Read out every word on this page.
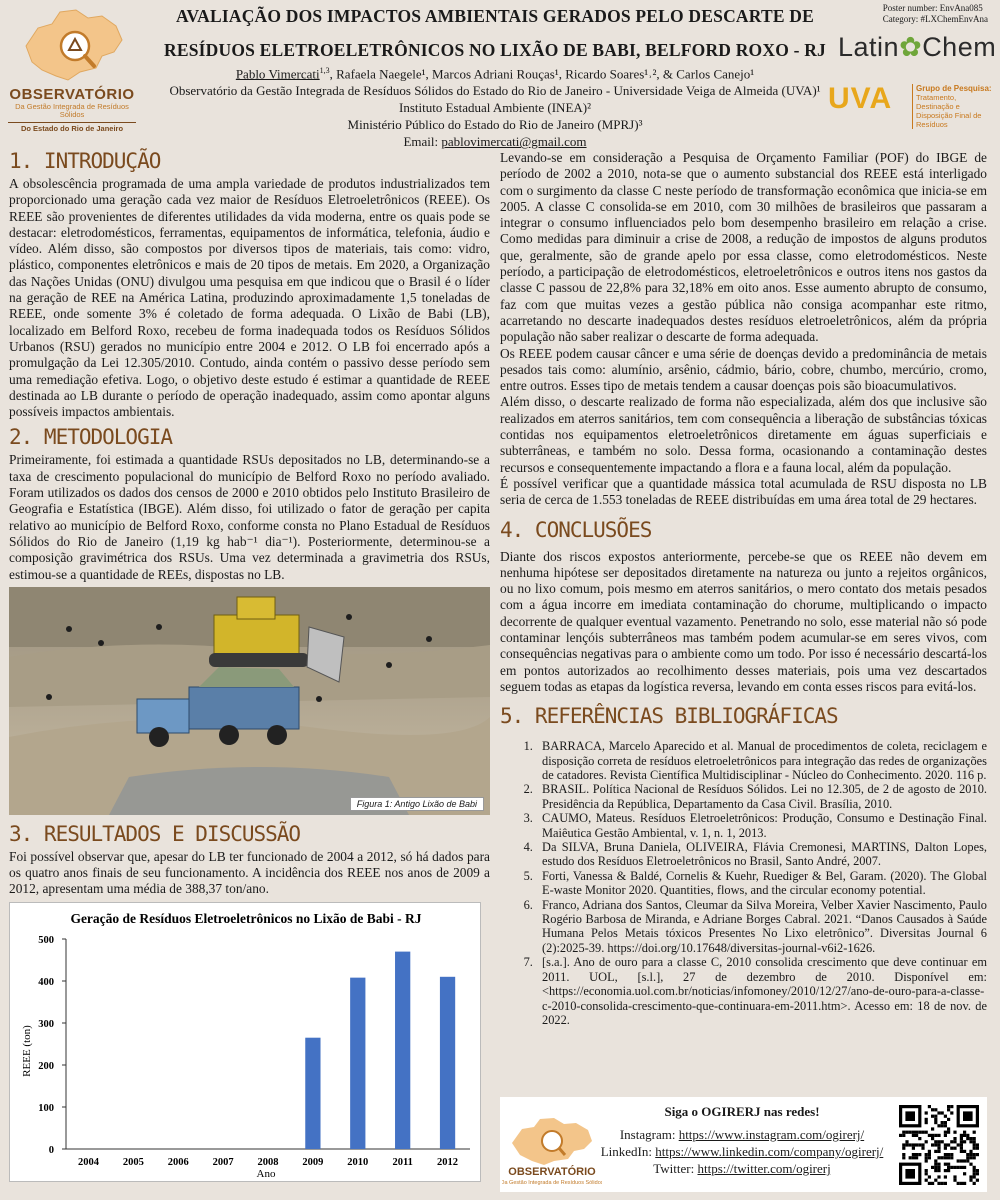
OBSERVATÓRIO
Da Gestão Integrada de Resíduos Sólidos
Do Estado do Rio de Janeiro
AVALIAÇÃO DOS IMPACTOS AMBIENTAIS GERADOS PELO DESCARTE DE
RESÍDUOS ELETROELETRÔNICOS NO LIXÃO DE BABI, BELFORD ROXO - RJ
Pablo Vimercati$^{1,3}$, Rafaela Naegele¹, Marcos Adriani Rouças¹, Ricardo Soares¹˒², & Carlos Canejo¹
Observatório da Gestão Integrada de Resíduos Sólidos do Estado do Rio de Janeiro - Universidade Veiga de Almeida (UVA)¹
Instituto Estadual Ambiente (INEA)²
Ministério Público do Estado do Rio de Janeiro (MPRJ)³
Email: pablovimercati@gmail.com
Poster number: EnvAna085
Category: #LXChemEnvAna
Latin✿Chem
UVA	Grupo de Pesquisa:
Tratamento, Destinação e Disposição Final de Resíduos
1. INTRODUÇÃO

A obsolescência programada de uma ampla variedade de produtos industrializados tem proporcionado uma geração cada vez maior de Resíduos Eletroeletrônicos (REEE). Os REEE são provenientes de diferentes utilidades da vida moderna, entre os quais pode se destacar: eletrodomésticos, ferramentas, equipamentos de informática, telefonia, áudio e vídeo. Além disso, são compostos por diversos tipos de materiais, tais como: vidro, plástico, componentes eletrônicos e mais de 20 tipos de metais. Em 2020, a Organização das Nações Unidas (ONU) divulgou uma pesquisa em que indicou que o Brasil é o líder na geração de REE na América Latina, produzindo aproximadamente 1,5 toneladas de REEE, onde somente 3% é coletado de forma adequada. O Lixão de Babi (LB), localizado em Belford Roxo, recebeu de forma inadequada todos os Resíduos Sólidos Urbanos (RSU) gerados no município entre 2004 e 2012. O LB foi encerrado após a promulgação da Lei 12.305/2010. Contudo, ainda contém o passivo desse período sem uma remediação efetiva. Logo, o objetivo deste estudo é estimar a quantidade de REEE destinada ao LB durante o período de operação inadequado, assim como apontar alguns possíveis impactos ambientais.

2. METODOLOGIA

Primeiramente, foi estimada a quantidade RSUs depositados no LB, determinando-se a taxa de crescimento populacional do município de Belford Roxo no período avaliado. Foram utilizados os dados dos censos de 2000 e 2010 obtidos pelo Instituto Brasileiro de Geografia e Estatística (IBGE). Além disso, foi utilizado o fator de geração per capita relativo ao município de Belford Roxo, conforme consta no Plano Estadual de Resíduos Sólidos do Rio de Janeiro (1,19 kg hab⁻¹ dia⁻¹). Posteriormente, determinou-se a composição gravimétrica dos RSUs. Uma vez determinada a gravimetria dos RSUs, estimou-se a quantidade de REEs, dispostas no LB.

Figura 1: Antigo Lixão de Babi
3. RESULTADOS E DISCUSSÃO

Foi possível observar que, apesar do LB ter funcionado de 2004 a 2012, só há dados para os quatro anos finais de seu funcionamento. A incidência dos REEE nos anos de 2009 a 2012, apresentam uma média de 388,37 ton/ano.

Geração de Resíduos Eletroeletrônicos no Lixão de Babi - RJ
REEE (ton)
Ano
0
100
200
300
400
500
2004 2005 2006 2007 2008 2009 2010 2011 2012

Levando-se em consideração a Pesquisa de Orçamento Familiar (POF) do IBGE de período de 2002 a 2010, nota-se que o aumento substancial dos REEE está interligado com o surgimento da classe C neste período de transformação econômica que inicia-se em 2005. A classe C consolida-se em 2010, com 30 milhões de brasileiros que passaram a integrar o consumo influenciados pelo bom desempenho brasileiro em relação a crise. Como medidas para diminuir a crise de 2008, a redução de impostos de alguns produtos que, geralmente, são de grande apelo por essa classe, como eletrodomésticos. Neste período, a participação de eletrodomésticos, eletroeletrônicos e outros itens nos gastos da classe C passou de 22,8% para 32,18% em oito anos. Esse aumento abrupto de consumo, faz com que muitas vezes a gestão pública não consiga acompanhar este ritmo, acarretando no descarte inadequados destes resíduos eletroeletrônicos, além da própria população não saber realizar o descarte de forma adequada.

Os REEE podem causar câncer e uma série de doenças devido a predominância de metais pesados tais como: alumínio, arsênio, cádmio, bário, cobre, chumbo, mercúrio, cromo, entre outros. Esses tipo de metais tendem a causar doenças pois são bioacumulativos.

Além disso, o descarte realizado de forma não especializada, além dos que inclusive são realizados em aterros sanitários, tem com consequência a liberação de substâncias tóxicas contidas nos equipamentos eletroeletrônicos diretamente em águas superficiais e subterrâneas, e também no solo. Dessa forma, ocasionando a contaminação destes recursos e consequentemente impactando a flora e a fauna local, além da população.

É possível verificar que a quantidade mássica total acumulada de RSU disposta no LB seria de cerca de 1.553 toneladas de REEE distribuídas em uma área total de 29 hectares.

4. CONCLUSÕES

Diante dos riscos expostos anteriormente, percebe-se que os REEE não devem em nenhuma hipótese ser depositados diretamente na natureza ou junto a rejeitos orgânicos, ou no lixo comum, pois mesmo em aterros sanitários, o mero contato dos metais pesados com a água incorre em imediata contaminação do chorume, multiplicando o impacto decorrente de qualquer eventual vazamento. Penetrando no solo, esse material não só pode contaminar lençóis subterrâneos mas também podem acumular-se em seres vivos, com consequências negativas para o ambiente como um todo. Por isso é necessário descartá-los em pontos autorizados ao recolhimento desses materiais, pois uma vez descartados seguem todas as etapas da logística reversa, levando em conta esses riscos para evitá-los.

5. REFERÊNCIAS BIBLIOGRÁFICAS
1. BARRACA, Marcelo Aparecido et al. Manual de procedimentos de coleta, reciclagem e disposição correta de resíduos eletroeletrônicos para integração das redes de organizações de catadores. Revista Científica Multidisciplinar - Núcleo do Conhecimento. 2020. 116 p.
2. BRASIL. Política Nacional de Resíduos Sólidos. Lei no 12.305, de 2 de agosto de 2010. Presidência da República, Departamento da Casa Civil. Brasília, 2010.
3. CAUMO, Mateus. Resíduos Eletroeletrônicos: Produção, Consumo e Destinação Final. Maiêutica Gestão Ambiental, v. 1, n. 1, 2013.
4. Da SILVA, Bruna Daniela, OLIVEIRA, Flávia Cremonesi, MARTINS, Dalton Lopes, estudo dos Resíduos Eletroeletrônicos no Brasil, Santo André, 2007.
5. Forti, Vanessa & Baldé, Cornelis & Kuehr, Ruediger & Bel, Garam. (2020). The Global E-waste Monitor 2020. Quantities, flows, and the circular economy potential.
6. Franco, Adriana dos Santos, Cleumar da Silva Moreira, Velber Xavier Nascimento, Paulo Rogério Barbosa de Miranda, e Adriane Borges Cabral. 2021. “Danos Causados à Saúde Humana Pelos Metais tóxicos Presentes No Lixo eletrônico”. Diversitas Journal 6 (2):2025-39. https://doi.org/10.17648/diversitas-journal-v6i2-1626.
7. [s.a.]. Ano de ouro para a classe C, 2010 consolida crescimento que deve continuar em 2011. UOL, [s.l.], 27 de dezembro de 2010. Disponível em: <https://economia.uol.com.br/noticias/infomoney/2010/12/27/ano-de-ouro-para-a-classe-c-2010-consolida-crescimento-que-continuara-em-2011.htm>. Acesso em: 18 de nov. de 2022.
OBSERVATÓRIO
Da Gestão Integrada de Resíduos Sólidos
Siga o OGIRERJ nas redes!
Instagram: https://www.instagram.com/ogirerj/
LinkedIn: https://www.linkedin.com/company/ogirerj/
Twitter: https://twitter.com/ogirerj
